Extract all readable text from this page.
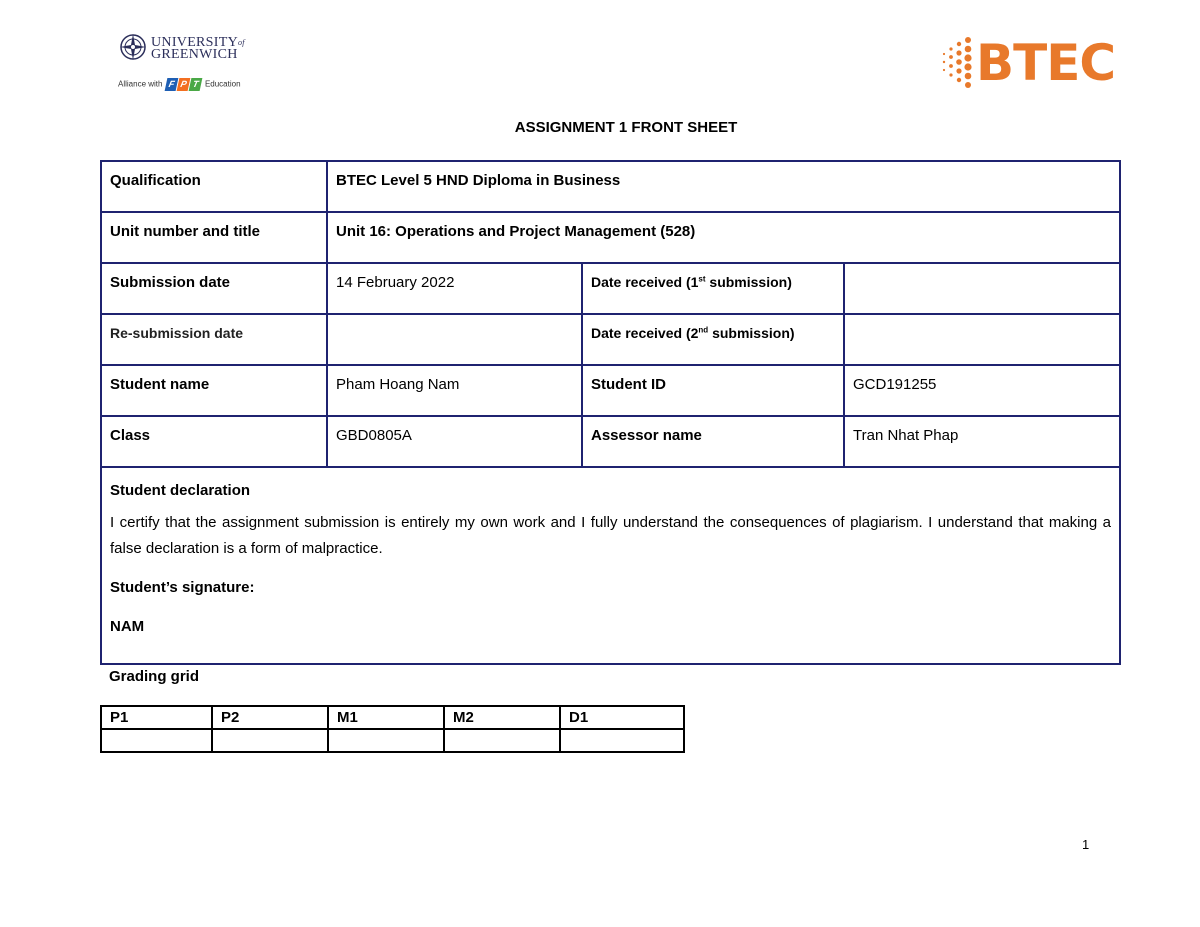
$UNIVERSITY^{of}$
GREENWICH
Alliance with F P T Education	BTEC
ASSIGNMENT 1 FRONT SHEET
Qualification	BTEC Level 5 HND Diploma in Business		
Unit number and title	Unit 16: Operations and Project Management (528)		
Submission date	14 February 2022	Date received (1st submission)	
Re-submission date		Date received (2nd submission)	
Student name	Pham Hoang Nam	Student ID	GCD191255
Class	GBD0805A	Assessor name	Tran Nhat Phap

Student declaration

I certify that the assignment submission is entirely my own work and I fully understand the consequences of plagiarism. I understand that making a false declaration is a form of malpractice.

Student’s signature:

NAM			

Grading grid
P1	P2	M1	M2	D1

1
